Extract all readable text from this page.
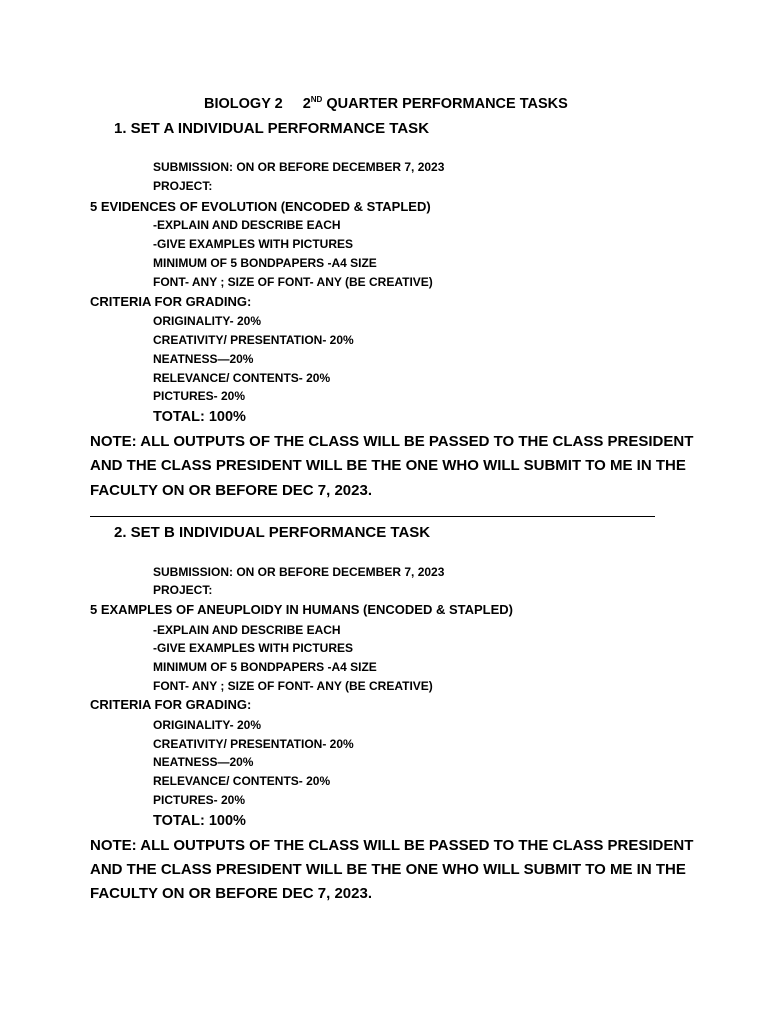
BIOLOGY 2 2ND QUARTER PERFORMANCE TASKS
1. SET A INDIVIDUAL PERFORMANCE TASK
SUBMISSION: ON OR BEFORE DECEMBER 7, 2023
PROJECT:
5 EVIDENCES OF EVOLUTION (ENCODED & STAPLED)
-EXPLAIN AND DESCRIBE EACH
-GIVE EXAMPLES WITH PICTURES
MINIMUM OF 5 BONDPAPERS -A4 SIZE
FONT- ANY ; SIZE OF FONT- ANY (BE CREATIVE)
CRITERIA FOR GRADING:
ORIGINALITY- 20%
CREATIVITY/ PRESENTATION- 20%
NEATNESS—20%
RELEVANCE/ CONTENTS- 20%
PICTURES- 20%
TOTAL: 100%
NOTE: ALL OUTPUTS OF THE CLASS WILL BE PASSED TO THE CLASS PRESIDENT
AND THE CLASS PRESIDENT WILL BE THE ONE WHO WILL SUBMIT TO ME IN THE
FACULTY ON OR BEFORE DEC 7, 2023.
2. SET B INDIVIDUAL PERFORMANCE TASK
SUBMISSION: ON OR BEFORE DECEMBER 7, 2023
PROJECT:
5 EXAMPLES OF ANEUPLOIDY IN HUMANS (ENCODED & STAPLED)
-EXPLAIN AND DESCRIBE EACH
-GIVE EXAMPLES WITH PICTURES
MINIMUM OF 5 BONDPAPERS -A4 SIZE
FONT- ANY ; SIZE OF FONT- ANY (BE CREATIVE)
CRITERIA FOR GRADING:
ORIGINALITY- 20%
CREATIVITY/ PRESENTATION- 20%
NEATNESS—20%
RELEVANCE/ CONTENTS- 20%
PICTURES- 20%
TOTAL: 100%
NOTE: ALL OUTPUTS OF THE CLASS WILL BE PASSED TO THE CLASS PRESIDENT
AND THE CLASS PRESIDENT WILL BE THE ONE WHO WILL SUBMIT TO ME IN THE
FACULTY ON OR BEFORE DEC 7, 2023.
